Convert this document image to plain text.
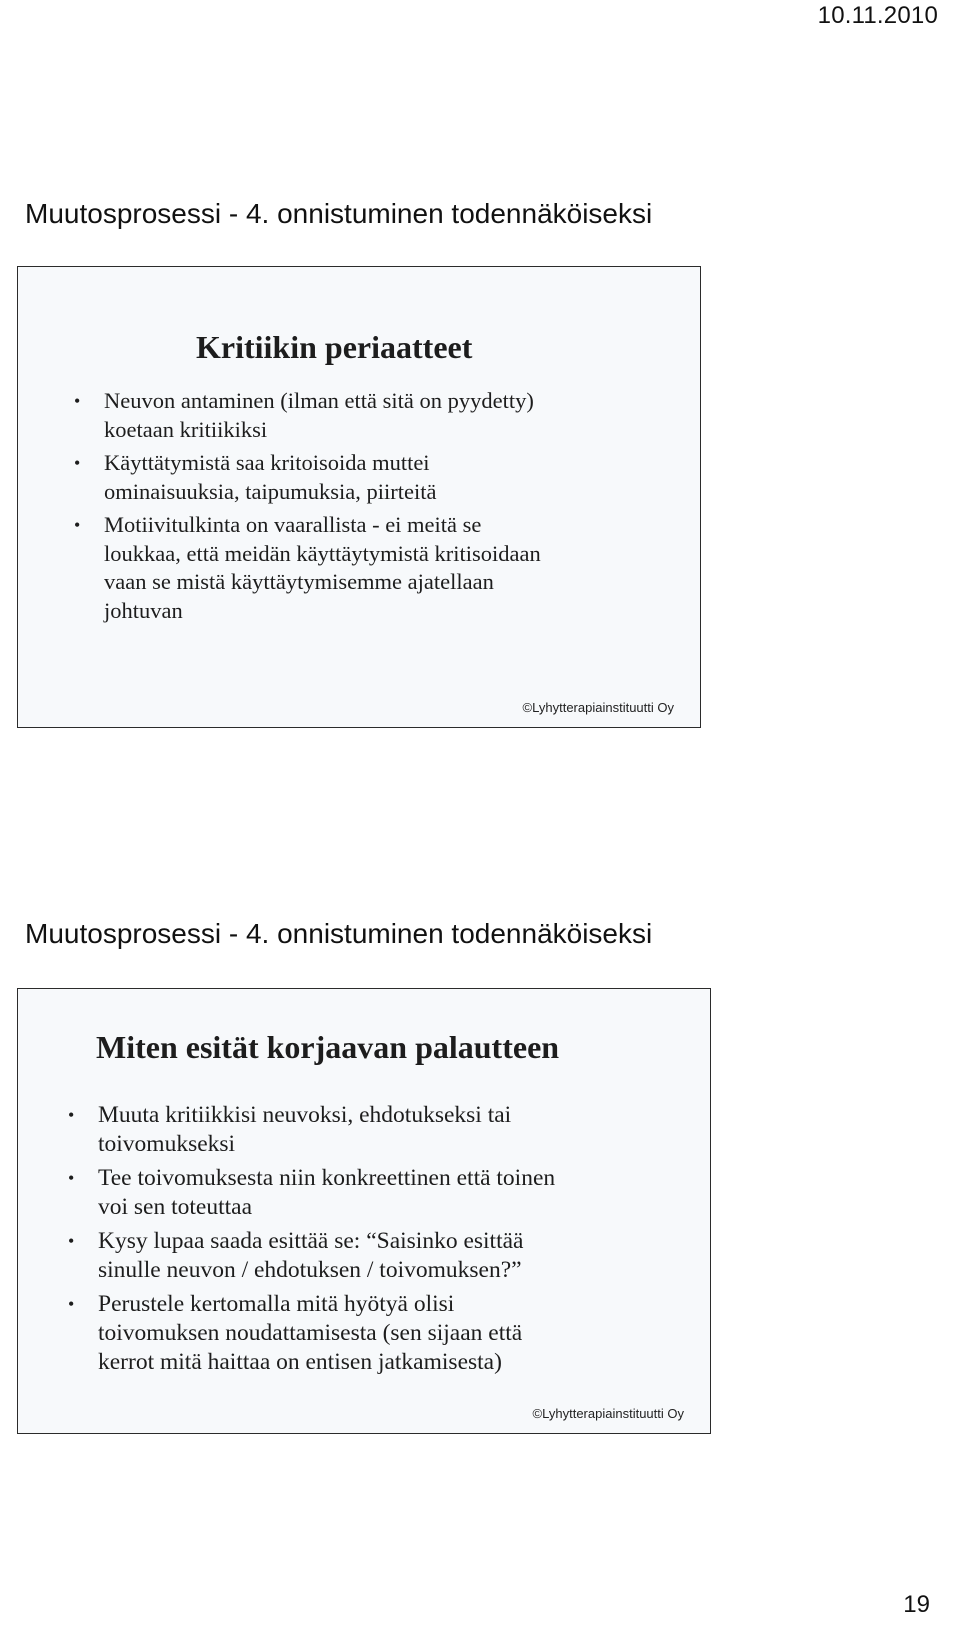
10.11.2010
Muutosprosessi - 4. onnistuminen todennäköiseksi
Kritiikin periaatteet
• Neuvon antaminen (ilman että sitä on pyydetty)
koetaan kritiikiksi
• Käyttätymistä saa kritoisoida muttei
ominaisuuksia, taipumuksia, piirteitä
• Motiivitulkinta on vaarallista - ei meitä se
loukkaa, että meidän käyttäytymistä kritisoidaan
vaan se mistä käyttäytymisemme ajatellaan
johtuvan
©Lyhytterapiainstituutti Oy
Muutosprosessi - 4. onnistuminen todennäköiseksi
Miten esität korjaavan palautteen
• Muuta kritiikkisi neuvoksi, ehdotukseksi tai
toivomukseksi
• Tee toivomuksesta niin konkreettinen että toinen
voi sen toteuttaa
• Kysy lupaa saada esittää se: “Saisinko esittää
sinulle neuvon / ehdotuksen / toivomuksen?”
• Perustele kertomalla mitä hyötyä olisi
toivomuksen noudattamisesta (sen sijaan että
kerrot mitä haittaa on entisen jatkamisesta)
©Lyhytterapiainstituutti Oy
19
